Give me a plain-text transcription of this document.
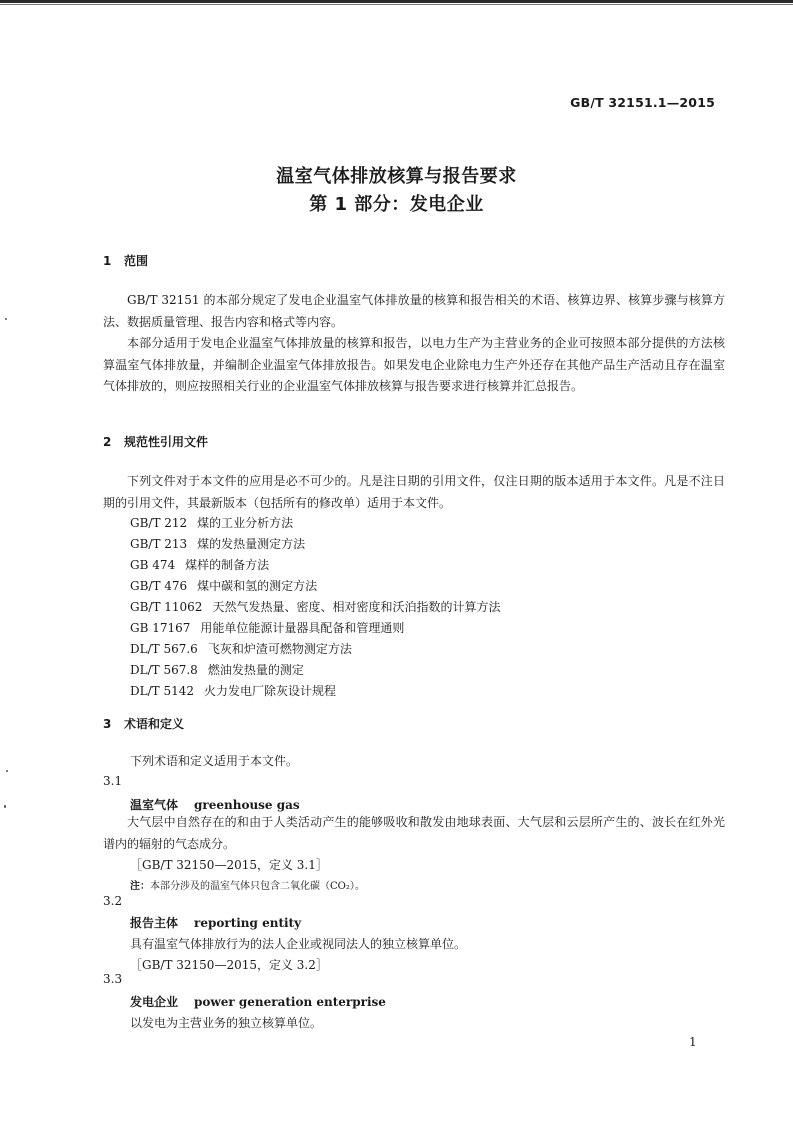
GB/T 32151.1—2015
温室气体排放核算与报告要求
第 1 部分：发电企业
1 范围

GB/T 32151 的本部分规定了发电企业温室气体排放量的核算和报告相关的术语、核算边界、核算步骤与核算方法、数据质量管理、报告内容和格式等内容。

本部分适用于发电企业温室气体排放量的核算和报告，以电力生产为主营业务的企业可按照本部分提供的方法核算温室气体排放量，并编制企业温室气体排放报告。如果发电企业除电力生产外还存在其他产品生产活动且存在温室气体排放的，则应按照相关行业的企业温室气体排放核算与报告要求进行核算并汇总报告。

2 规范性引用文件

下列文件对于本文件的应用是必不可少的。凡是注日期的引用文件，仅注日期的版本适用于本文件。凡是不注日期的引用文件，其最新版本（包括所有的修改单）适用于本文件。

GB/T 212 煤的工业分析方法
GB/T 213 煤的发热量测定方法
GB 474 煤样的制备方法
GB/T 476 煤中碳和氢的测定方法
GB/T 11062 天然气发热量、密度、相对密度和沃泊指数的计算方法
GB 17167 用能单位能源计量器具配备和管理通则
DL/T 567.6 飞灰和炉渣可燃物测定方法
DL/T 567.8 燃油发热量的测定
DL/T 5142 火力发电厂除灰设计规程
3 术语和定义
下列术语和定义适用于本文件。
3.1
温室气体 greenhouse gas

大气层中自然存在的和由于人类活动产生的能够吸收和散发由地球表面、大气层和云层所产生的、波长在红外光谱内的辐射的气态成分。

［GB/T 32150—2015，定义 3.1］
注：本部分涉及的温室气体只包含二氧化碳（CO₂）。
3.2
报告主体 reporting entity
具有温室气体排放行为的法人企业或视同法人的独立核算单位。
［GB/T 32150—2015，定义 3.2］
3.3
发电企业 power generation enterprise
以发电为主营业务的独立核算单位。
1
